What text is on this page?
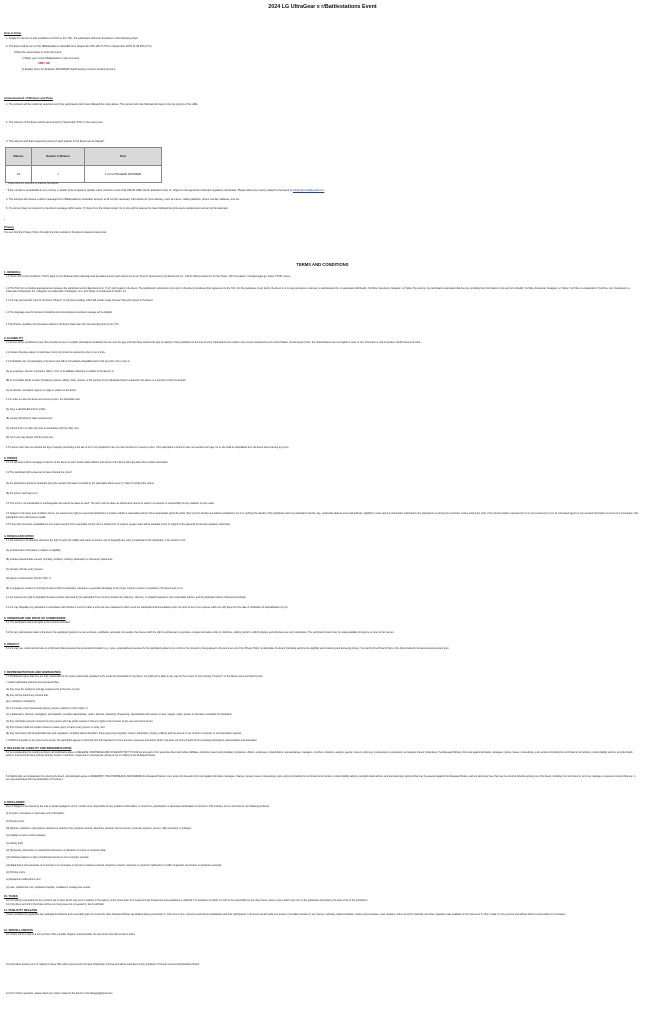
2024 LG UltraGear x r/Battlestations Event
How to Enter
1. Subject to the terms and conditions set forth in the T&C, the participant will enter the Event in the following steps:
2. The Event will be ran on the r/Battlestations subreddit from September 6TH (PHT UTC) to September 20TH 11:59 PM (UTC).
Follow the steps below to enter the event:
i) Share your current Battlestation in the comment.
AND / OR
ii) Explain how LG UltraGear 45GS96QB OLED Gaming monitor would improve it.
Announcement of Winners and Prize
1. The winners will be randomly selected out of the participants who have followed the rules above. The person who has followed all steps is the top priority of the raffle.
2. The winners of the Event will be announced on September 27th on the event post.
3. The winners and their respective prizes of each quarter in the Event are as follows*:
Winners	Number of Winners	Prize
1st	1	1 LG ULTRAGEAR 45GS96QB
* There will be 1 winners in total for the Event.
* If the monitor is unavailable in any country, a similar prize of equal or greater value (minimum cost of $1,499.99 USD) will be awarded in lieu of, subject to the approval of relevant regulatory authorities. Please direct any inquiry related to the Event to info@lgesocial@gmail.com
4. The winners will receive a direct message from r/Battlestations moderator account to fill out the necessary information for prize delivery, such as name, mailing address, phone number, address, and etc.
5. If a winner does not respond to the direct message within seven (7) days from the initial contact, he or she will be deemed to have forfeited the prize and a replacement winner will be selected.
•
Privacy
You can find the Privacy Policy through the link provided in the Event related contest post
TERMS AND CONDITIONS
1. GENERAL
1.1 These Terms and Conditions ("T&C") apply to LG UltraGear Fans Campaign and all related events (each referred to as an "Event") sponsored by LG Electronics Inc., with its offices located in LG Twin Tower, 128 Yeoui-daero, Yeongdeungpo-gu, Seoul, 07336, Korea.
1.2 This T&C form a binding legal agreement between the participant and LG Electronics Inc. ("LG") with regard to the Event. The participants' submission of an entry to the Event constitutes their agreement to the T&C. For the avoidance of any doubt, the Event is in no way sponsored, endorsed, or administered by, or associated with Reddit, YouTube, Facebook, Instagram, or Twitter. By entering, the participants understand that they are providing their information to LG and not to Reddit, YouTube, Facebook, Instagram, or Twitter. YouTube is a trademark of YouTube, LLC. Facebook is a trademark of Facebook, Inc. Instagram is a trademark of Instagram, LLC. and Twitter is a trademark of Twitter, Inc.
1.3 LG may post specific rules for the Event ("Rules") on the Event posting, which will include a part of these T&C with respect to the Event.
1.4 The language used for the Event including all communications via direct message will be English.
1.5 All timeline, deadline and schedules related to the Event shall mean the corresponding time in the UTC.
2. ELIGIBILITY
2.1 Except where prohibited by law, this promotion is open to eligible participants worldwide who are over the age of 18 and have reached the age of majority in their jurisdiction at the time of entry. Participants who reside in any country sanctioned by the United States, the European Union, the United Nations are not eligible to enter or win. Promotion is void in Quebec, North Korea and Cuba.
2.2 Unless otherwise stated, no purchase of any LG product is required to enter or win a prize.
2.3 Individuals may not participate in the Event and will be immediately disqualified prior to/of any prize if he or she is:
(A) an employee, director, contractor, officer, of LG or its affiliates (directors in relation to the Event); or
(B) an immediate family member (including a parent, sibling, sister, spouse, or life partner) of the individuals listed in subsection (A) above or a member of their household.
(C) an advisor, consultant, agency or judge in relation to the Event.
2.4 In order to enter the Event and receive a prize, the individual must:
(A) have a valid Reddit and IG profile;
(B) comply with all prize claim requirements;
(C) submit a form to claim the prize in accordance with the T&C; and
(D) not in any way tamper with the prize item.
2.5 A person who has not reached the age of majority according to the law of his or her jurisdiction may not enter the Event or receive a prize. If the participant is found to have not reached such age, he or she shall be disqualified from the Event and receiving any prize.
3. PRIZES
3.1 LG will send a direct message to winners of the Event on each social media platform and winner of the Event will reply about their contact information.
3.2 The participant will be deemed to have forfeited the prize if:
(A) the participant cannot be contacted using the contact information provided by the participant within seven (7) days of notifying the winner.
(B) the prize is returned to LG.
3.3 The prize is not transferable or exchangeable and cannot be taken as cash. The prize must be taken as offered and cannot be varied. LG accepts no responsibility for any variation in prize value.
3.4 Subject to the terms and conditions herein, LG reserves the right to request all participants to produce (within a reasonable period of time) appropriate photo ID and/or other proof of identity and address satisfactory to LG in verifying the identity of the participant (such as participant's identity, age, residential address and email address, eligibility to enter and any information submitted by the participant in entering the promotion, before issuing the prize. If the documentation requested by LG is not received by LG (or its nominated agent) or any relevant information is incorrect or incomplete, that participant's entry will become invalid.
3.5 If any prize becomes unavailable for any reason beyond LG's reasonable control, then a similar prize of equal or greater value will be awarded in lieu of, subject to the approval of relevant regulatory authorities.
4. DISQUALIFICATION
4.1 LG reserves in its absolute discretion the right to verify the validity and nature of entries, and to disqualify any entry or participant if the participant, in the opinion of LG:
(A) provides false information in relation to eligibility;
(B) includes objectionable content, primarily, profanity, insulting, defamatory or obscenely statements;
(C) tampers with the entry process;
(D) acted in contravention with the T&C; or
(E) is engaged in conduct in entering the Event which is fraudulent, deceptive or generally damaging to the proper conduct, pursuit or reputation of the Event and or LG.
4.2 LG reserves the right to disqualify the Event entries submitted by the participant if the Content contains any offensive, obscene, or unlawful material in LG's reasonable opinion, and the participant will be informed accordingly.
4.3 LG may disqualify any participant in accordance with Articles 4.1 and 4.2 after a prize has been awarded in which event the participant shall immediately return the prize at his or her expense within ten (10) days from the date of notification of disqualification by LG.
5. OWNERSHIP AND RIGHT OF SUBMISSIONS
5.1 The participant retains all rights to the Content submitted.
5.2 For any submissions made to the Event, the participant grants LG a non-exclusive, worldwide, perpetual, irrevocable, free license (with the right to sublicense) to reproduce, prepare derivative works of, distribute, publicly perform, publicly display, and otherwise use such submission. The submitted Content may be made available for anyone to view on the internet.
6. PRIVACY
6.1 LG may use, collect and provide to a third party data processor the personal information (e.g., name, email address) received by the participant subject to be a third or for consent by being agreed to the terms set out of the 'Privacy Policy' to administer the Event (including verifying the eligibility and contacting and delivering prizes). You can find the Privacy Policy in the link provided in the Event announcement post.
7. REPRESENTATIONS AND WARRANTIES
7.1 Participants agree that they are fully responsible for the posts created and uploaded to the media for participation in the Event. LG shall not be liable in any way for the content of such posting ("Content") to the fullest extent permitted by law.
7.2 Each participant warrants and represents that:
(A) they meet the residency and age requirements at the time of entry;
(B) they will not submit any content that:
(a) is unlawful or fraudulent;
(b) is in breach of any intellectual property, privacy, publicity or other rights; or
(c) is defamatory, obscene, derogatory, pornographic, sexually inappropriate, violent, abusive, harassing, threatening, objectionable with respect to race, religion, origin, gender or otherwise unsuitable for publication.
(C) they will obtain relevant consent from any person who has jointly created or has any rights to the Content, to the uses and terms herein;
(D) their Content shall not contain viruses or cause injury or harm to any person or entity; and
(E) they will comply with all applicable laws and regulations, including without limitation, those governing copyright, content, defamation, privacy, publicity and the access or use of other's computer or communication systems.
7.3 Without prejudice to any other terms herein, the participant agrees to indemnify and hold harmless LG from any loss, expenses and claims which may arise out of any breach of the preceding participant's representation and warranties.
8. RELEASE OF LIABILITY AND INDEMNIFICATION
8.1 As consideration for entering an Event, all participants agree to RELEASE, DISCHARGE AND COVENANT NOT TO SUE LG and each of its respective direct and indirect affiliates, divisions, parent and subsidiary companies, officers, employees, shareholders, representatives, managers, members, directors, assigns, agents, insurers, attorneys, predecessors, successors, and assigns thereof (collectively, the Released Parties), from and against all claims, damages, injuries, losses, proceedings, suits, actions (including but not limited to tort actions, product liability actions, wrongful death actions, and personal injury actions) whether known or unknown, suspected or unsuspected, arising out of or relating to the Released Parties.
8.2 Additionally, as consideration for entering the Event, all participants agree to INDEMNIFY, HOLD HARMLESS, AND DEFEND the Released Parties in any action of proceeding from and against all claims, damages, charges, injuries, losses, proceedings, suits, actions (including but not limited to tort actions, product liability actions, wrongful death actions, and personal injury actions) that may be asserted against the Released Parties, and any attorneys' fees that may be incurred (whether arising out of the Event, including, but not limited to, any loss, damage or expense incurred) that are, in any way associated with the participation in the Event.
9. DISCLAIMER
Even if alleged to be caused by the sole or partial negligence of LG, it shall not be responsible for any problems which affect, or result from, participation or attempted participation in the Event. This includes, but is not limited to, the following problems:
(i) Incorrect, incomplete or inaccurate entry information;
(ii) Human errors;
(iii) Failures, omissions, interruptions, deletions or defects of any wireless network, telephone network, internet service, computer systems, servers, utility providers, or software;
(iv) Inability to send e-mail messages;
(v) Identity theft;
(vi) Tampering, destruction or unauthorized accesses, or alteration of entries or computer data;
(vii) Software hackers or other unauthorized access to LG's computer network;
(viii) Data that is processed late or incorrectly or is incomplete or lost due to wireless network, telephone network, computer or electronic malfunction or traffic congestion via wireless or telephone networks;
(ix) Printing errors;
(x) Equipment malfunctions; and
(xi) Late, misdirected, lost, misplaced, illegible, mutilated or postage-due entries.
10. TAXES
10.1 LG will be responsible for any customs tax or taxes which may incur in relation to the delivery of the prizes that LG is required under Korean law and regulations to withhold. For avoidance of doubt, LG will not be responsible for any other taxes, duties or fees which may incur to the participant according to the laws of his or her jurisdiction.
10.2 All prizes set forth in the Rules will be net of any taxes LG is required by law to withhold.
11. PUBLICITY RELEASE
Unless prohibited by applicable law, participants authorize and irrevocably grant to LG and the other Released Parties (as defined above) permission to, from time to time, reference and discuss participants and their participation in the Event via all media now known or hereafter devised, in any manner, including, without limitation, written press releases, news releases, online and print materials, and other materials made available on the internet or in other media, for any purpose and without further compensation or permission.
12. MISCELLANEOUS
12.1 If any terms or part of a term of these T&C is invalid, illegal or unenforceable, the rest of the rules will remain in effect.
12.2 All claims arising out of or relating to these T&C will be governed by the laws of Republic of Korea and will be submitted to the jurisdiction of Korean Commercial Arbitration Board.
12.3 For further questions, please direct any inquiry related to the Event to info.ultragear@gmail.com
